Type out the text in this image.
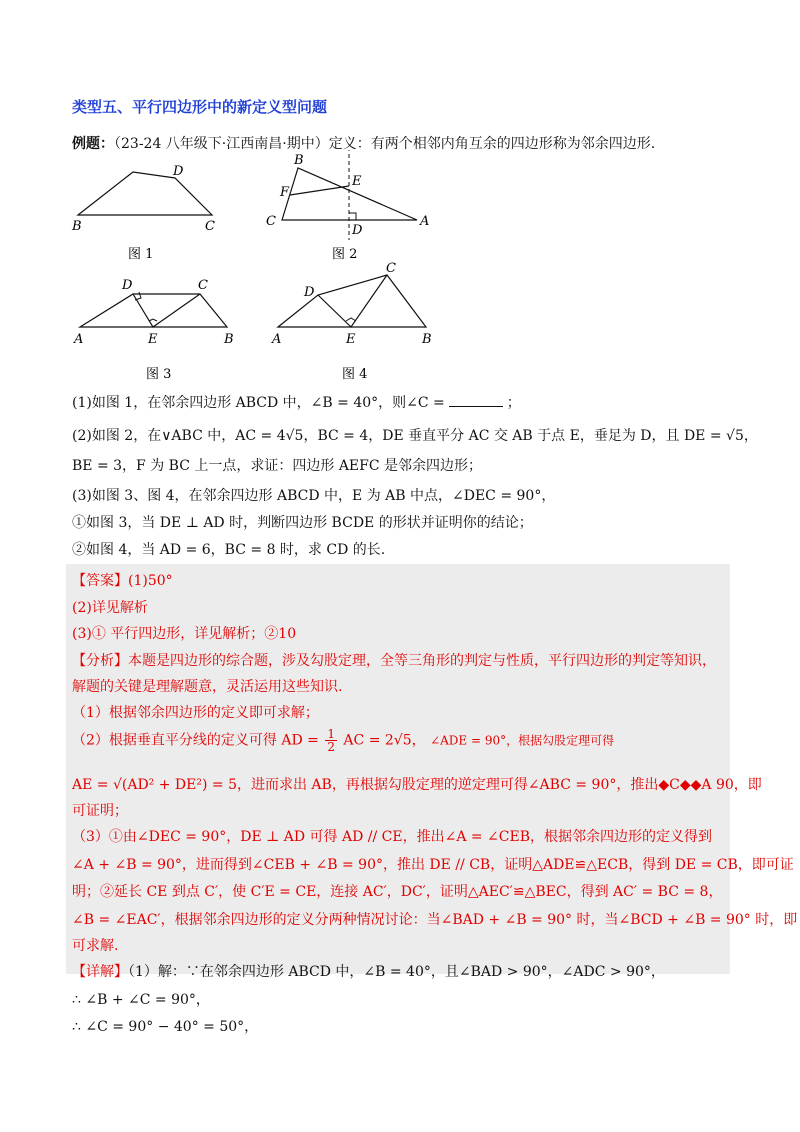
类型五、平行四边形中的新定义型问题
例题：（23-24 八年级下·江西南昌·期中）定义：有两个相邻内角互余的四边形称为邻余四边形.
B	C
D
图 1
B
F
E
C
D
A
图 2
D	C
A	E	B
图 3
C
D
A	E	B
图 4
(1)如图 1，在邻余四边形 ABCD 中，∠B = 40°，则∠C =	；
(2)如图 2，在∨ABC 中，AC = 4√5，BC = 4，DE 垂直平分 AC 交 AB 于点 E，垂足为 D，且 DE = √5，
BE = 3，F 为 BC 上一点，求证：四边形 AEFC 是邻余四边形；
(3)如图 3、图 4，在邻余四边形 ABCD 中，E 为 AB 中点，∠DEC = 90°，
①如图 3，当 DE ⊥ AD 时，判断四边形 BCDE 的形状并证明你的结论；
②如图 4，当 AD = 6，BC = 8 时，求 CD 的长.
【答案】(1)50°
(2)详见解析
(3)① 平行四边形，详见解析；②10
【分析】本题是四边形的综合题，涉及勾股定理，全等三角形的判定与性质，平行四边形的判定等知识，
解题的关键是理解题意，灵活运用这些知识.
（1）根据邻余四边形的定义即可求解；
（2）根据垂直平分线的定义可得 AD = $\frac{1}{2}$ AC = 2√5， ∠ADE = 90°，根据勾股定理可得
AE = √(AD² + DE²) = 5，进而求出 AB，再根据勾股定理的逆定理可得∠ABC = 90°，推出◆C◆◆A 90，即
可证明；
（3）①由∠DEC = 90°，DE ⊥ AD 可得 AD // CE，推出∠A = ∠CEB，根据邻余四边形的定义得到
∠A + ∠B = 90°，进而得到∠CEB + ∠B = 90°，推出 DE // CB，证明△ADE≌△ECB，得到 DE = CB，即可证
明；②延长 CE 到点 C′，使 C′E = CE，连接 AC′，DC′，证明△AEC′≌△BEC，得到 AC′ = BC = 8，
∠B = ∠EAC′，根据邻余四边形的定义分两种情况讨论：当∠BAD + ∠B = 90° 时，当∠BCD + ∠B = 90° 时，即
可求解.
【详解】（1）解：∵在邻余四边形 ABCD 中，∠B = 40°，且∠BAD > 90°，∠ADC > 90°，
∴ ∠B + ∠C = 90°，
∴ ∠C = 90° − 40° = 50°，
